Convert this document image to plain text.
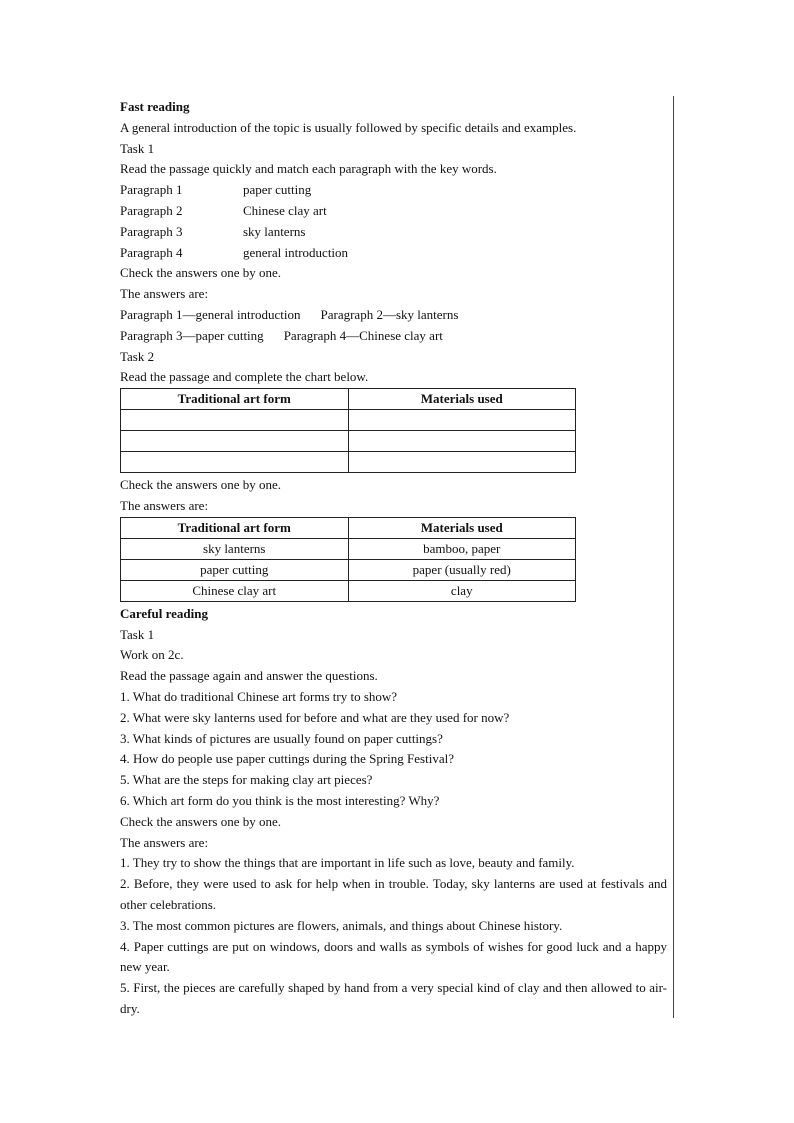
Fast reading
A general introduction of the topic is usually followed by specific details and examples.
Task 1
Read the passage quickly and match each paragraph with the key words.
Paragraph 1	paper cutting
Paragraph 2	Chinese clay art
Paragraph 3	sky lanterns
Paragraph 4	general introduction
Check the answers one by one.
The answers are:
Paragraph 1—general introduction Paragraph 2—sky lanterns
Paragraph 3—paper cutting Paragraph 4—Chinese clay art
Task 2
Read the passage and complete the chart below.
Traditional art form	Materials used

Check the answers one by one.
The answers are:
Traditional art form	Materials used
sky lanterns	bamboo, paper
paper cutting	paper (usually red)
Chinese clay art	clay
Careful reading
Task 1
Work on 2c.
Read the passage again and answer the questions.
1. What do traditional Chinese art forms try to show?
2. What were sky lanterns used for before and what are they used for now?
3. What kinds of pictures are usually found on paper cuttings?
4. How do people use paper cuttings during the Spring Festival?
5. What are the steps for making clay art pieces?
6. Which art form do you think is the most interesting? Why?
Check the answers one by one.
The answers are:
1. They try to show the things that are important in life such as love, beauty and family.
2. Before, they were used to ask for help when in trouble. Today, sky lanterns are used at festivals and other celebrations.
3. The most common pictures are flowers, animals, and things about Chinese history.
4. Paper cuttings are put on windows, doors and walls as symbols of wishes for good luck and a happy new year.
5. First, the pieces are carefully shaped by hand from a very special kind of clay and then allowed to air-dry.
